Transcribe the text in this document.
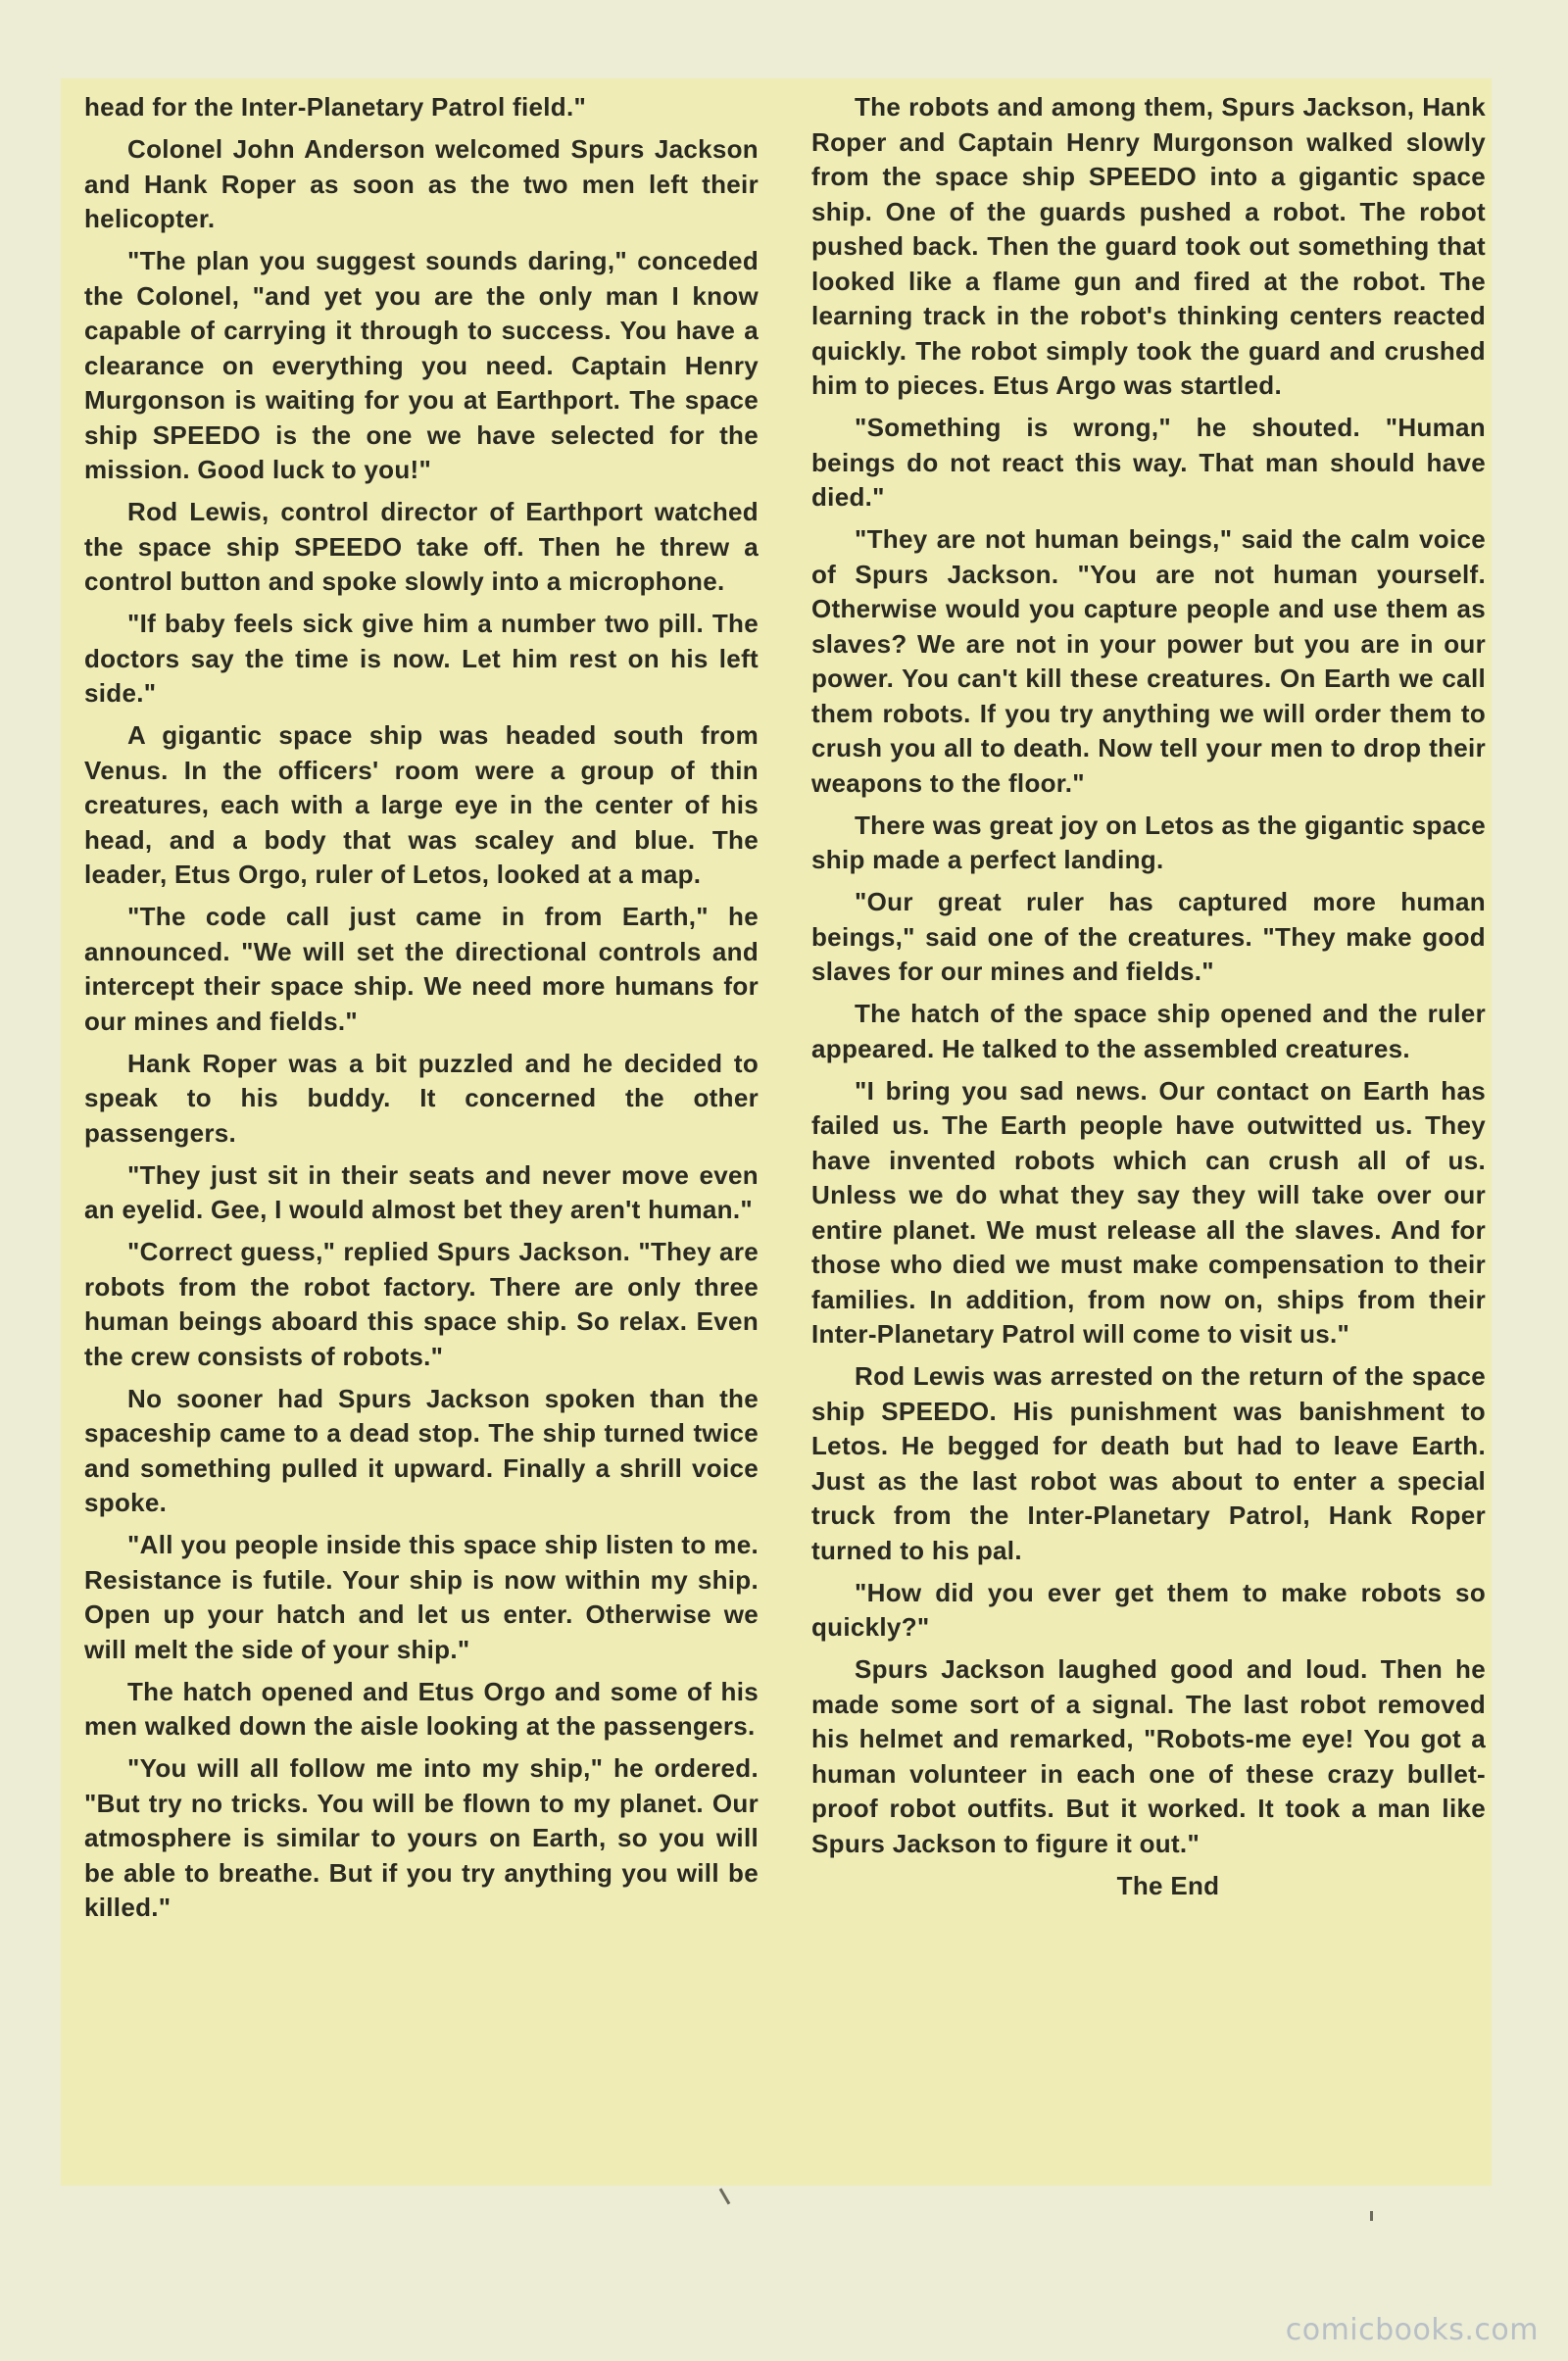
head for the Inter-Planetary Patrol field."

Colonel John Anderson welcomed Spurs Jackson and Hank Roper as soon as the two men left their helicopter.

"The plan you suggest sounds daring," conceded the Colonel, "and yet you are the only man I know capable of carrying it through to success. You have a clearance on everything you need. Captain Henry Murgonson is waiting for you at Earthport. The space ship SPEEDO is the one we have selected for the mission. Good luck to you!"

Rod Lewis, control director of Earthport watched the space ship SPEEDO take off. Then he threw a control button and spoke slowly into a microphone.

"If baby feels sick give him a number two pill. The doctors say the time is now. Let him rest on his left side."

A gigantic space ship was headed south from Venus. In the officers' room were a group of thin creatures, each with a large eye in the center of his head, and a body that was scaley and blue. The leader, Etus Orgo, ruler of Letos, looked at a map.

"The code call just came in from Earth," he announced. "We will set the directional controls and intercept their space ship. We need more humans for our mines and fields."

Hank Roper was a bit puzzled and he decided to speak to his buddy. It concerned the other passengers.

"They just sit in their seats and never move even an eyelid. Gee, I would almost bet they aren't human."

"Correct guess," replied Spurs Jackson. "They are robots from the robot factory. There are only three human beings aboard this space ship. So relax. Even the crew consists of robots."

No sooner had Spurs Jackson spoken than the spaceship came to a dead stop. The ship turned twice and something pulled it upward. Finally a shrill voice spoke.

"All you people inside this space ship listen to me. Resistance is futile. Your ship is now within my ship. Open up your hatch and let us enter. Otherwise we will melt the side of your ship."

The hatch opened and Etus Orgo and some of his men walked down the aisle looking at the passengers.

"You will all follow me into my ship," he ordered. "But try no tricks. You will be flown to my planet. Our atmosphere is similar to yours on Earth, so you will be able to breathe. But if you try anything you will be killed."

The robots and among them, Spurs Jackson, Hank Roper and Captain Henry Murgonson walked slowly from the space ship SPEEDO into a gigantic space ship. One of the guards pushed a robot. The robot pushed back. Then the guard took out something that looked like a flame gun and fired at the robot. The learning track in the robot's thinking centers reacted quickly. The robot simply took the guard and crushed him to pieces. Etus Argo was startled.

"Something is wrong," he shouted. "Human beings do not react this way. That man should have died."

"They are not human beings," said the calm voice of Spurs Jackson. "You are not human yourself. Otherwise would you capture people and use them as slaves? We are not in your power but you are in our power. You can't kill these creatures. On Earth we call them robots. If you try anything we will order them to crush you all to death. Now tell your men to drop their weapons to the floor."

There was great joy on Letos as the gigantic space ship made a perfect landing.

"Our great ruler has captured more human beings," said one of the creatures. "They make good slaves for our mines and fields."

The hatch of the space ship opened and the ruler appeared. He talked to the assembled creatures.

"I bring you sad news. Our contact on Earth has failed us. The Earth people have outwitted us. They have invented robots which can crush all of us. Unless we do what they say they will take over our entire planet. We must release all the slaves. And for those who died we must make compensation to their families. In addition, from now on, ships from their Inter-Planetary Patrol will come to visit us."

Rod Lewis was arrested on the return of the space ship SPEEDO. His punishment was banishment to Letos. He begged for death but had to leave Earth. Just as the last robot was about to enter a special truck from the Inter-Planetary Patrol, Hank Roper turned to his pal.

"How did you ever get them to make robots so quickly?"

Spurs Jackson laughed good and loud. Then he made some sort of a signal. The last robot removed his helmet and remarked, "Robots-me eye! You got a human volunteer in each one of these crazy bullet-proof robot outfits. But it worked. It took a man like Spurs Jackson to figure it out."

The End
comicbooks.com
